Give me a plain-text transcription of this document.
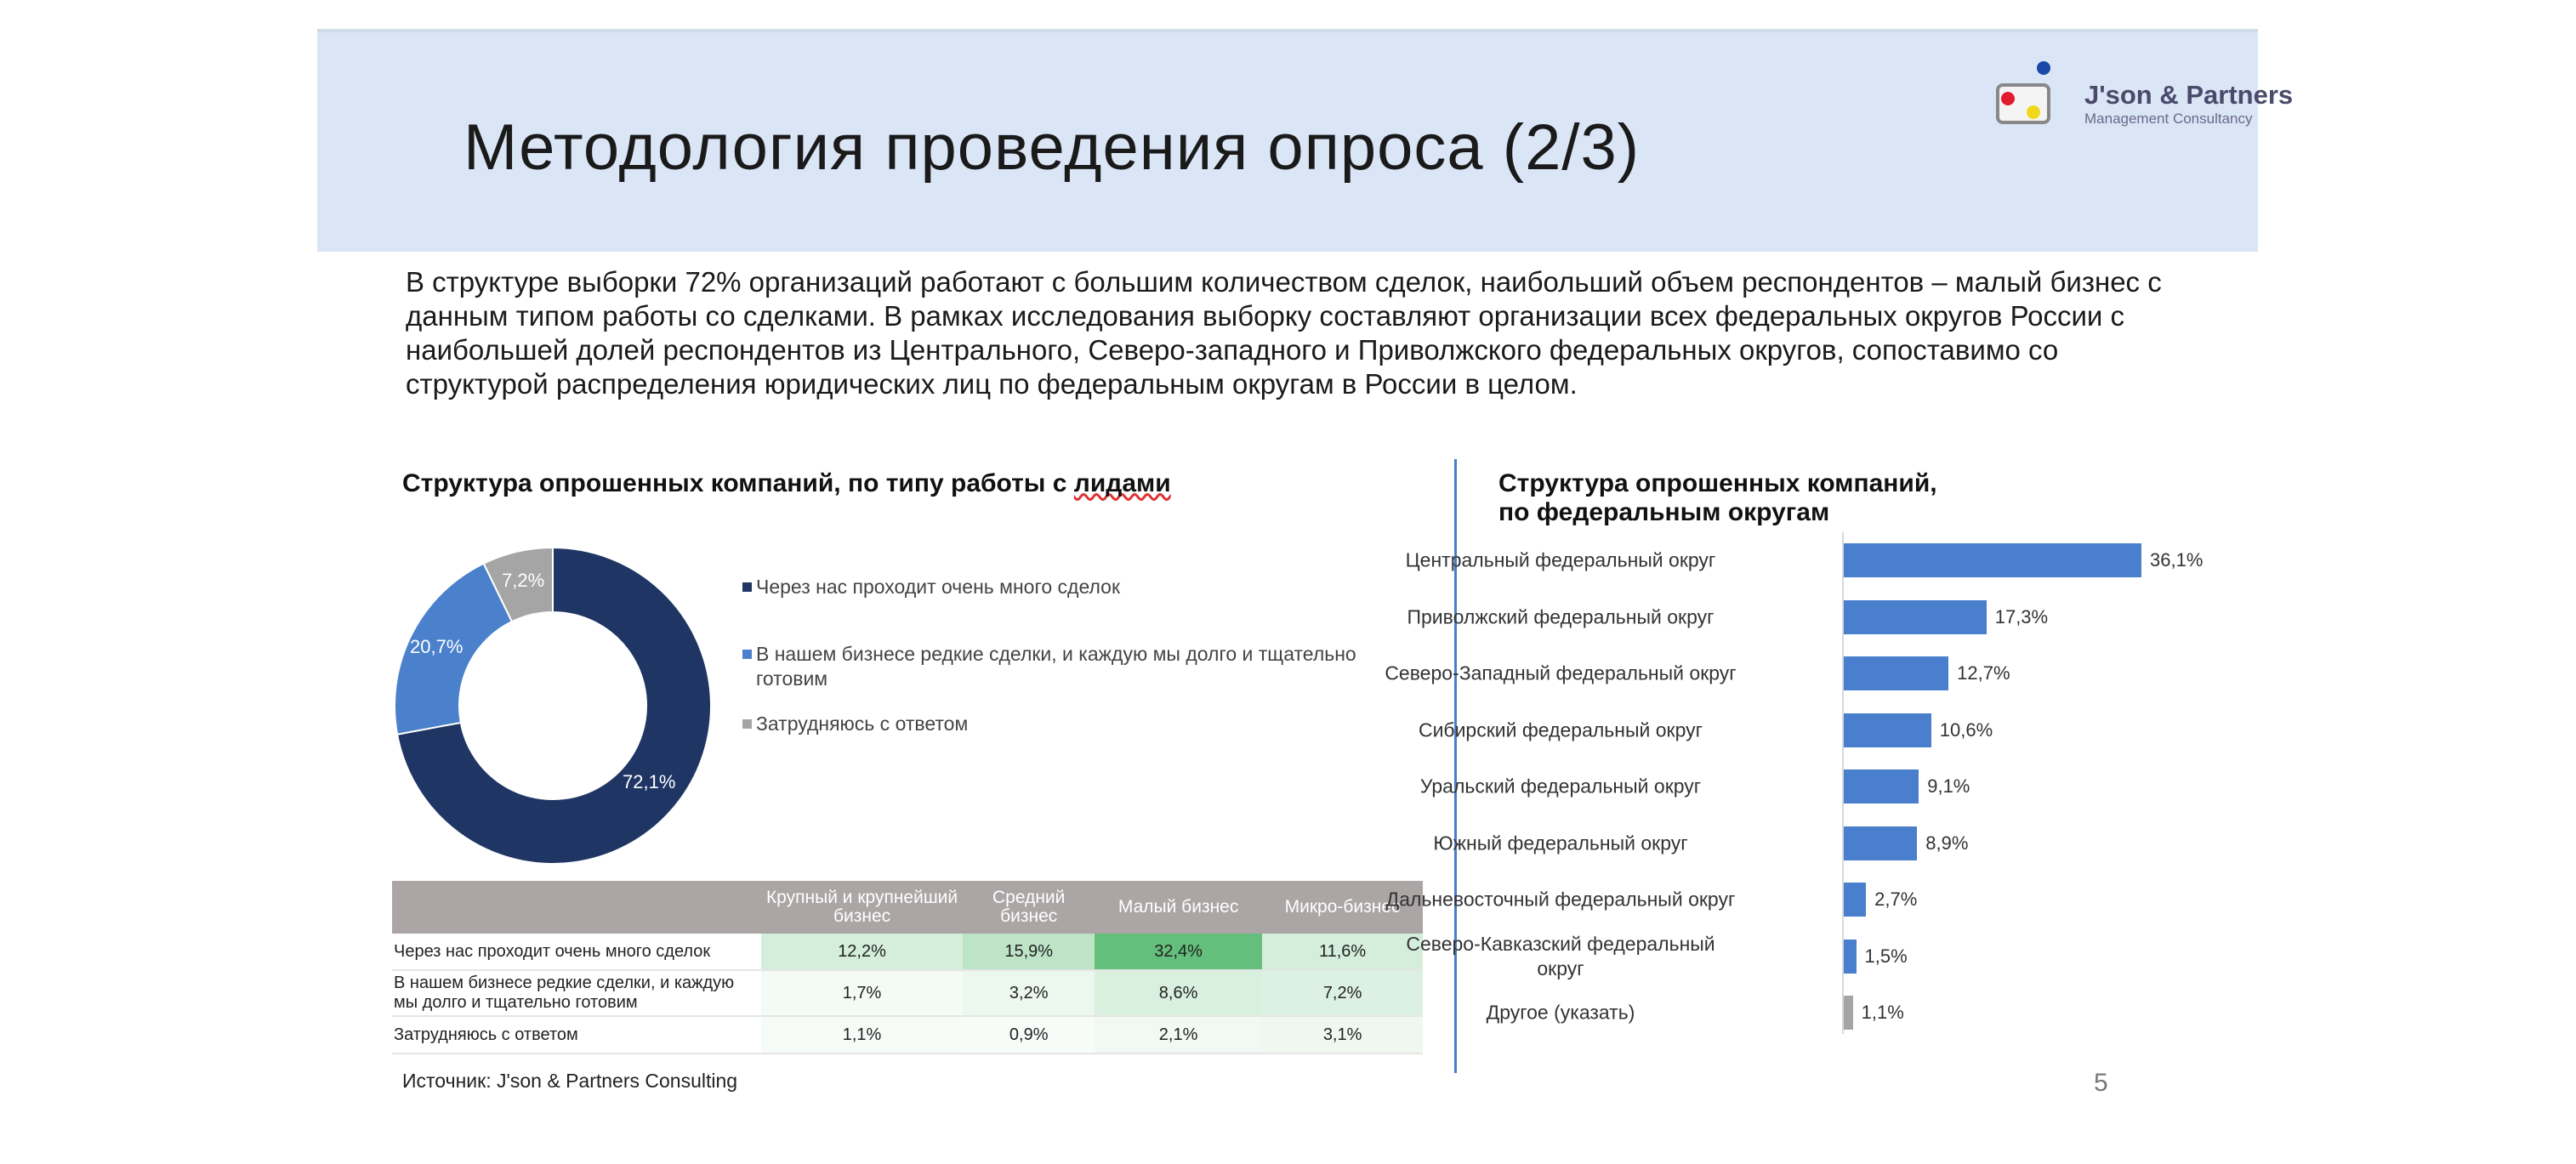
Методология проведения опроса (2/3)
J'son & Partners
Management Consultancy
В структуре выборки 72% организаций работают с большим количеством сделок, наибольший объем респондентов – малый бизнес с данным типом работы со сделками. В рамках исследования выборку составляют организации всех федеральных округов России с наибольшей долей респондентов из Центрального, Северо-западного и Приволжского федеральных округов, сопоставимо со структурой распределения юридических лиц по федеральным округам в России в целом.
Структура опрошенных компаний, по типу работы с лидами	Структура опрошенных компаний,
по федеральным округам
72,1%
20,7%
7,2%	Через нас проходит очень много сделок
В нашем бизнесе редкие сделки, и каждую мы долго и тщательно готовим
Затрудняюсь с ответом
	Крупный и крупнейший бизнес	Средний бизнес	Малый бизнес	Микро-бизнес
Через нас проходит очень много сделок	12,2%	15,9%	32,4%	11,6%
В нашем бизнесе редкие сделки, и каждую мы долго и тщательно готовим	1,7%	3,2%	8,6%	7,2%
Затрудняюсь с ответом	1,1%	0,9%	2,1%	3,1%
Центральный федеральный округ	36,1%
Приволжский федеральный округ	17,3%
Северо-Западный федеральный округ	12,7%
Сибирский федеральный округ	10,6%
Уральский федеральный округ	9,1%
Южный федеральный округ	8,9%
Дальневосточный федеральный округ	2,7%
Северо-Кавказский федеральный округ
1,5%
Другое (указать)	1,1%
Источник: J'son & Partners Consulting	5
